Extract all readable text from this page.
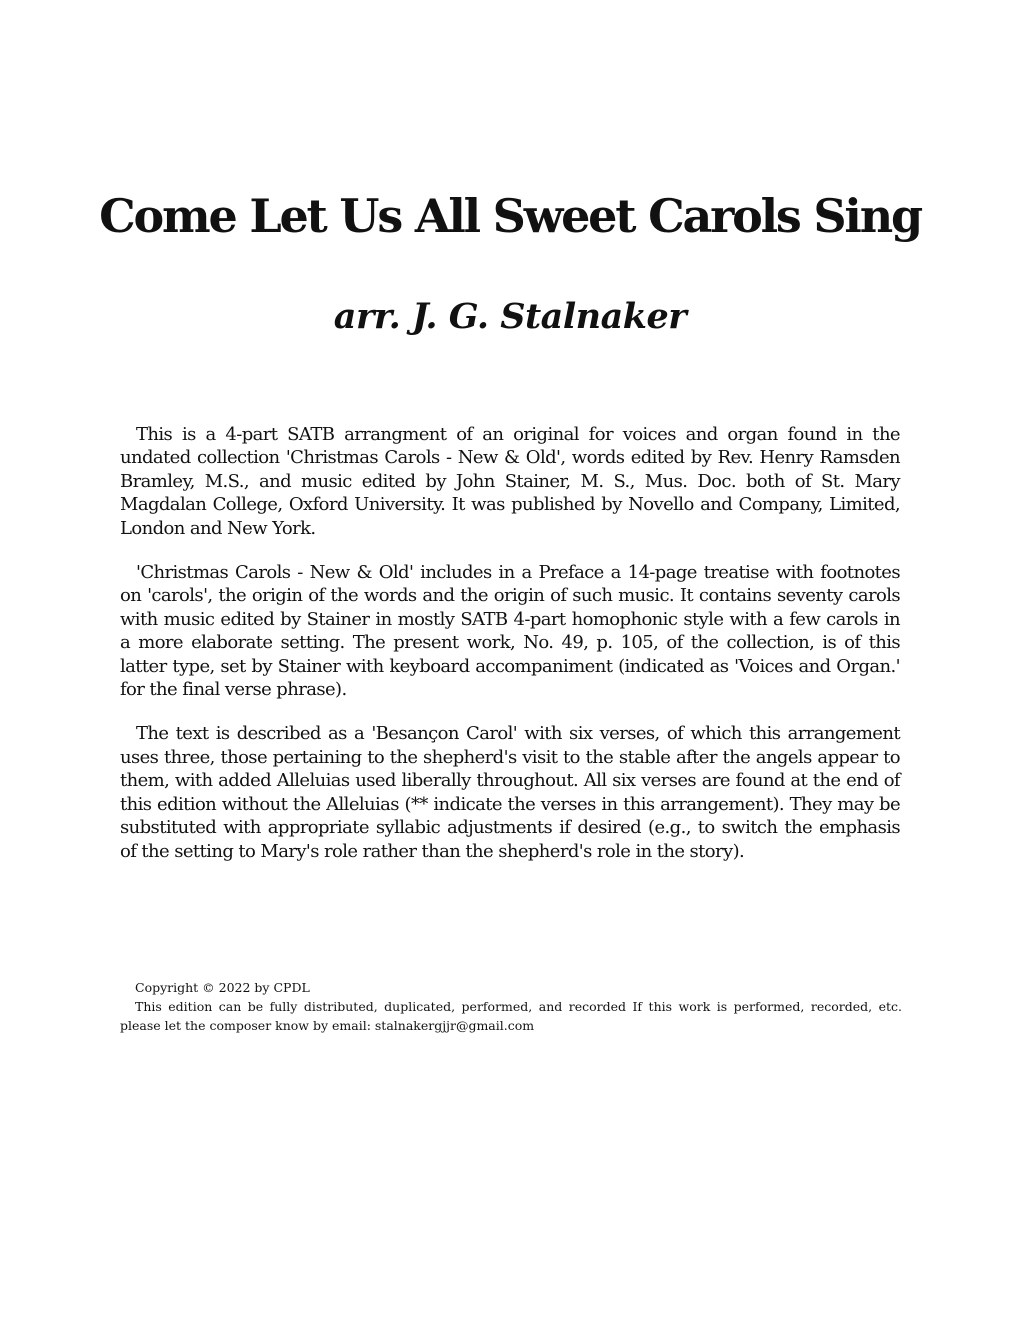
Come Let Us All Sweet Carols Sing
arr. J. G. Stalnaker

This is a 4-part SATB arrangment of an original for voices and organ found in the undated collection 'Christmas Carols - New & Old', words edited by Rev. Henry Ramsden Bramley, M.S., and music edited by John Stainer, M. S., Mus. Doc. both of St. Mary Magdalan College, Oxford University. It was published by Novello and Company, Limited, London and New York.

'Christmas Carols - New & Old' includes in a Preface a 14-page treatise with footnotes on 'carols', the origin of the words and the origin of such music. It contains seventy carols with music edited by Stainer in mostly SATB 4-part homophonic style with a few carols in a more elaborate setting. The present work, No. 49, p. 105, of the collection, is of this latter type, set by Stainer with keyboard accompaniment (indicated as 'Voices and Organ.' for the final verse phrase).

The text is described as a 'Besançon Carol' with six verses, of which this arrangement uses three, those pertaining to the shepherd's visit to the stable after the angels appear to them, with added Alleluias used liberally throughout. All six verses are found at the end of this edition without the Alleluias (** indicate the verses in this arrangement). They may be substituted with appropriate syllabic adjustments if desired (e.g., to switch the emphasis of the setting to Mary's role rather than the shepherd's role in the story).

Copyright © 2022 by CPDL

This edition can be fully distributed, duplicated, performed, and recorded If this work is performed, recorded, etc. please let the composer know by email: stalnakergjjr@gmail.com
